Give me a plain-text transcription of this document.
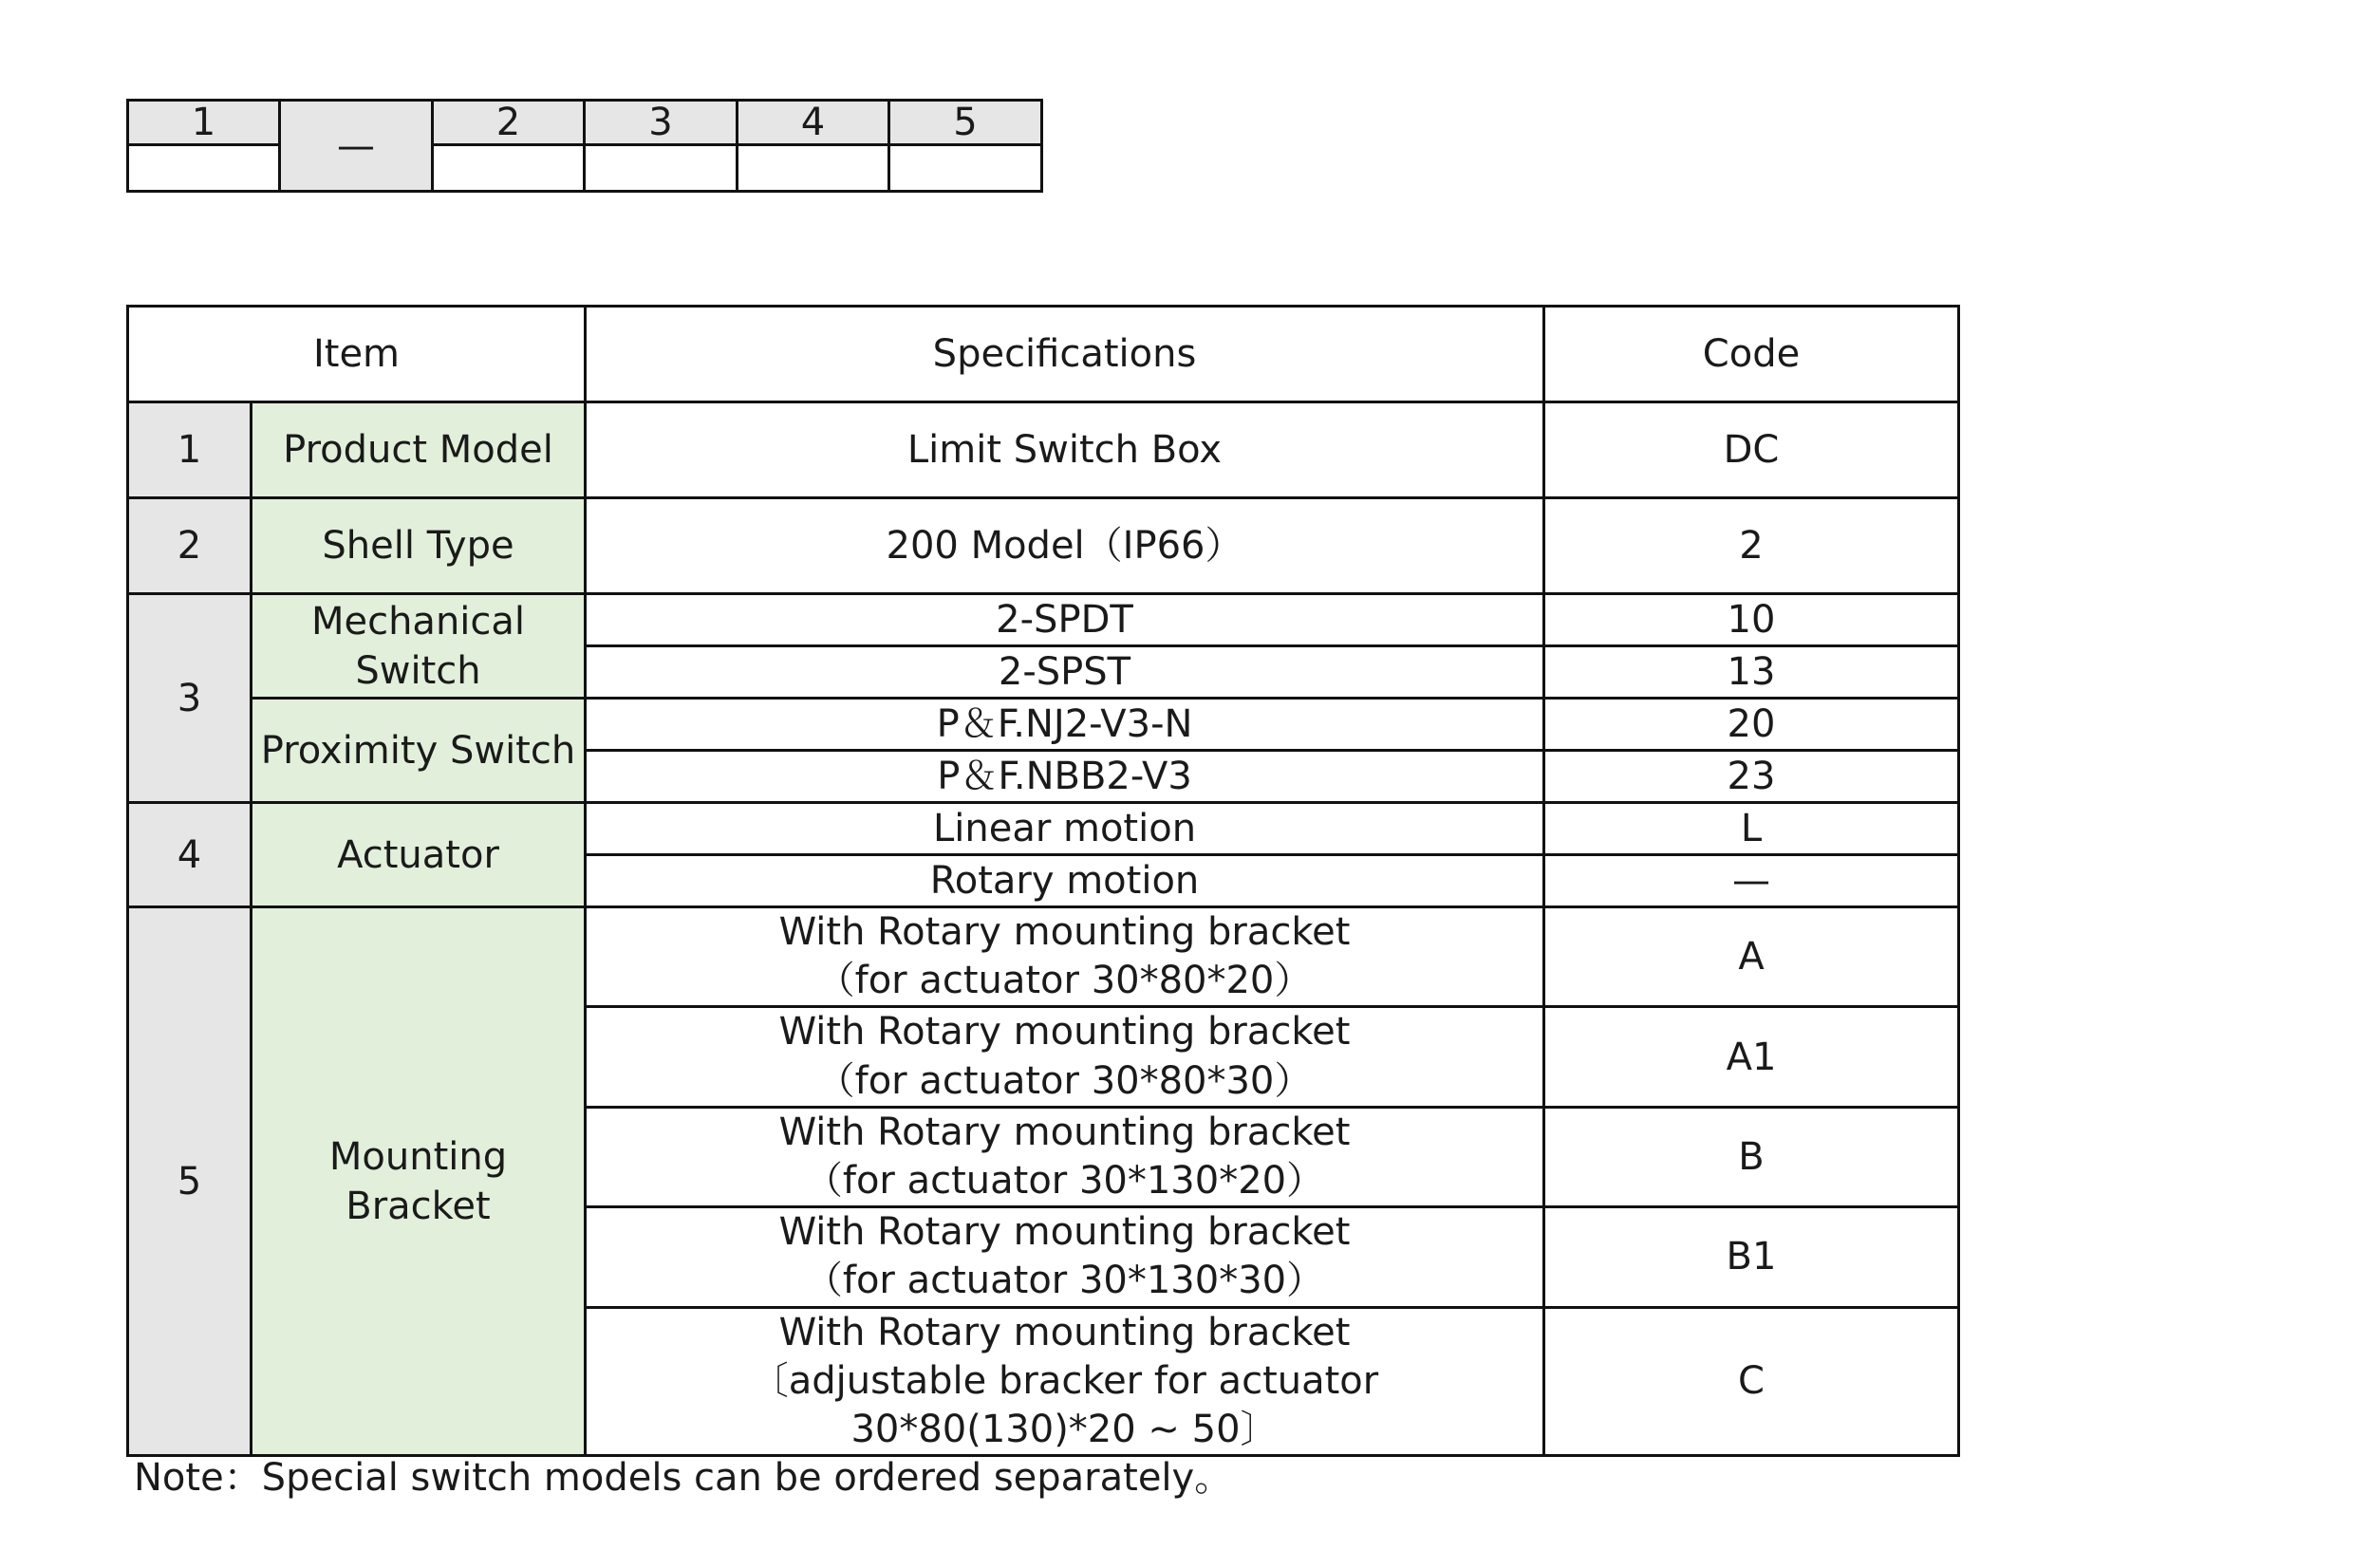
1	—	2	3	4	5

Item		Specifications	Code
1	Product Model	Limit Switch Box	DC
2	Shell Type	200 Model（IP66）	2
3	Mechanical Switch	2-SPDT	10
		2-SPST	13
	Proximity Switch	P＆F.NJ2-V3-N	20
		P＆F.NBB2-V3	23
4	Actuator	Linear motion	L
		Rotary motion	—
5	Mounting Bracket	With Rotary mounting bracket
（for actuator 30*80*20）	A

		With Rotary mounting bracket
（for actuator 30*80*30）	A1

		With Rotary mounting bracket
（for actuator 30*130*20）	B

		With Rotary mounting bracket
（for actuator 30*130*30）	B1

		With Rotary mounting bracket
〔adjustable bracker for actuator
30*80(130)*20 ~ 50〕	C
Note：Special switch models can be ordered separately。
